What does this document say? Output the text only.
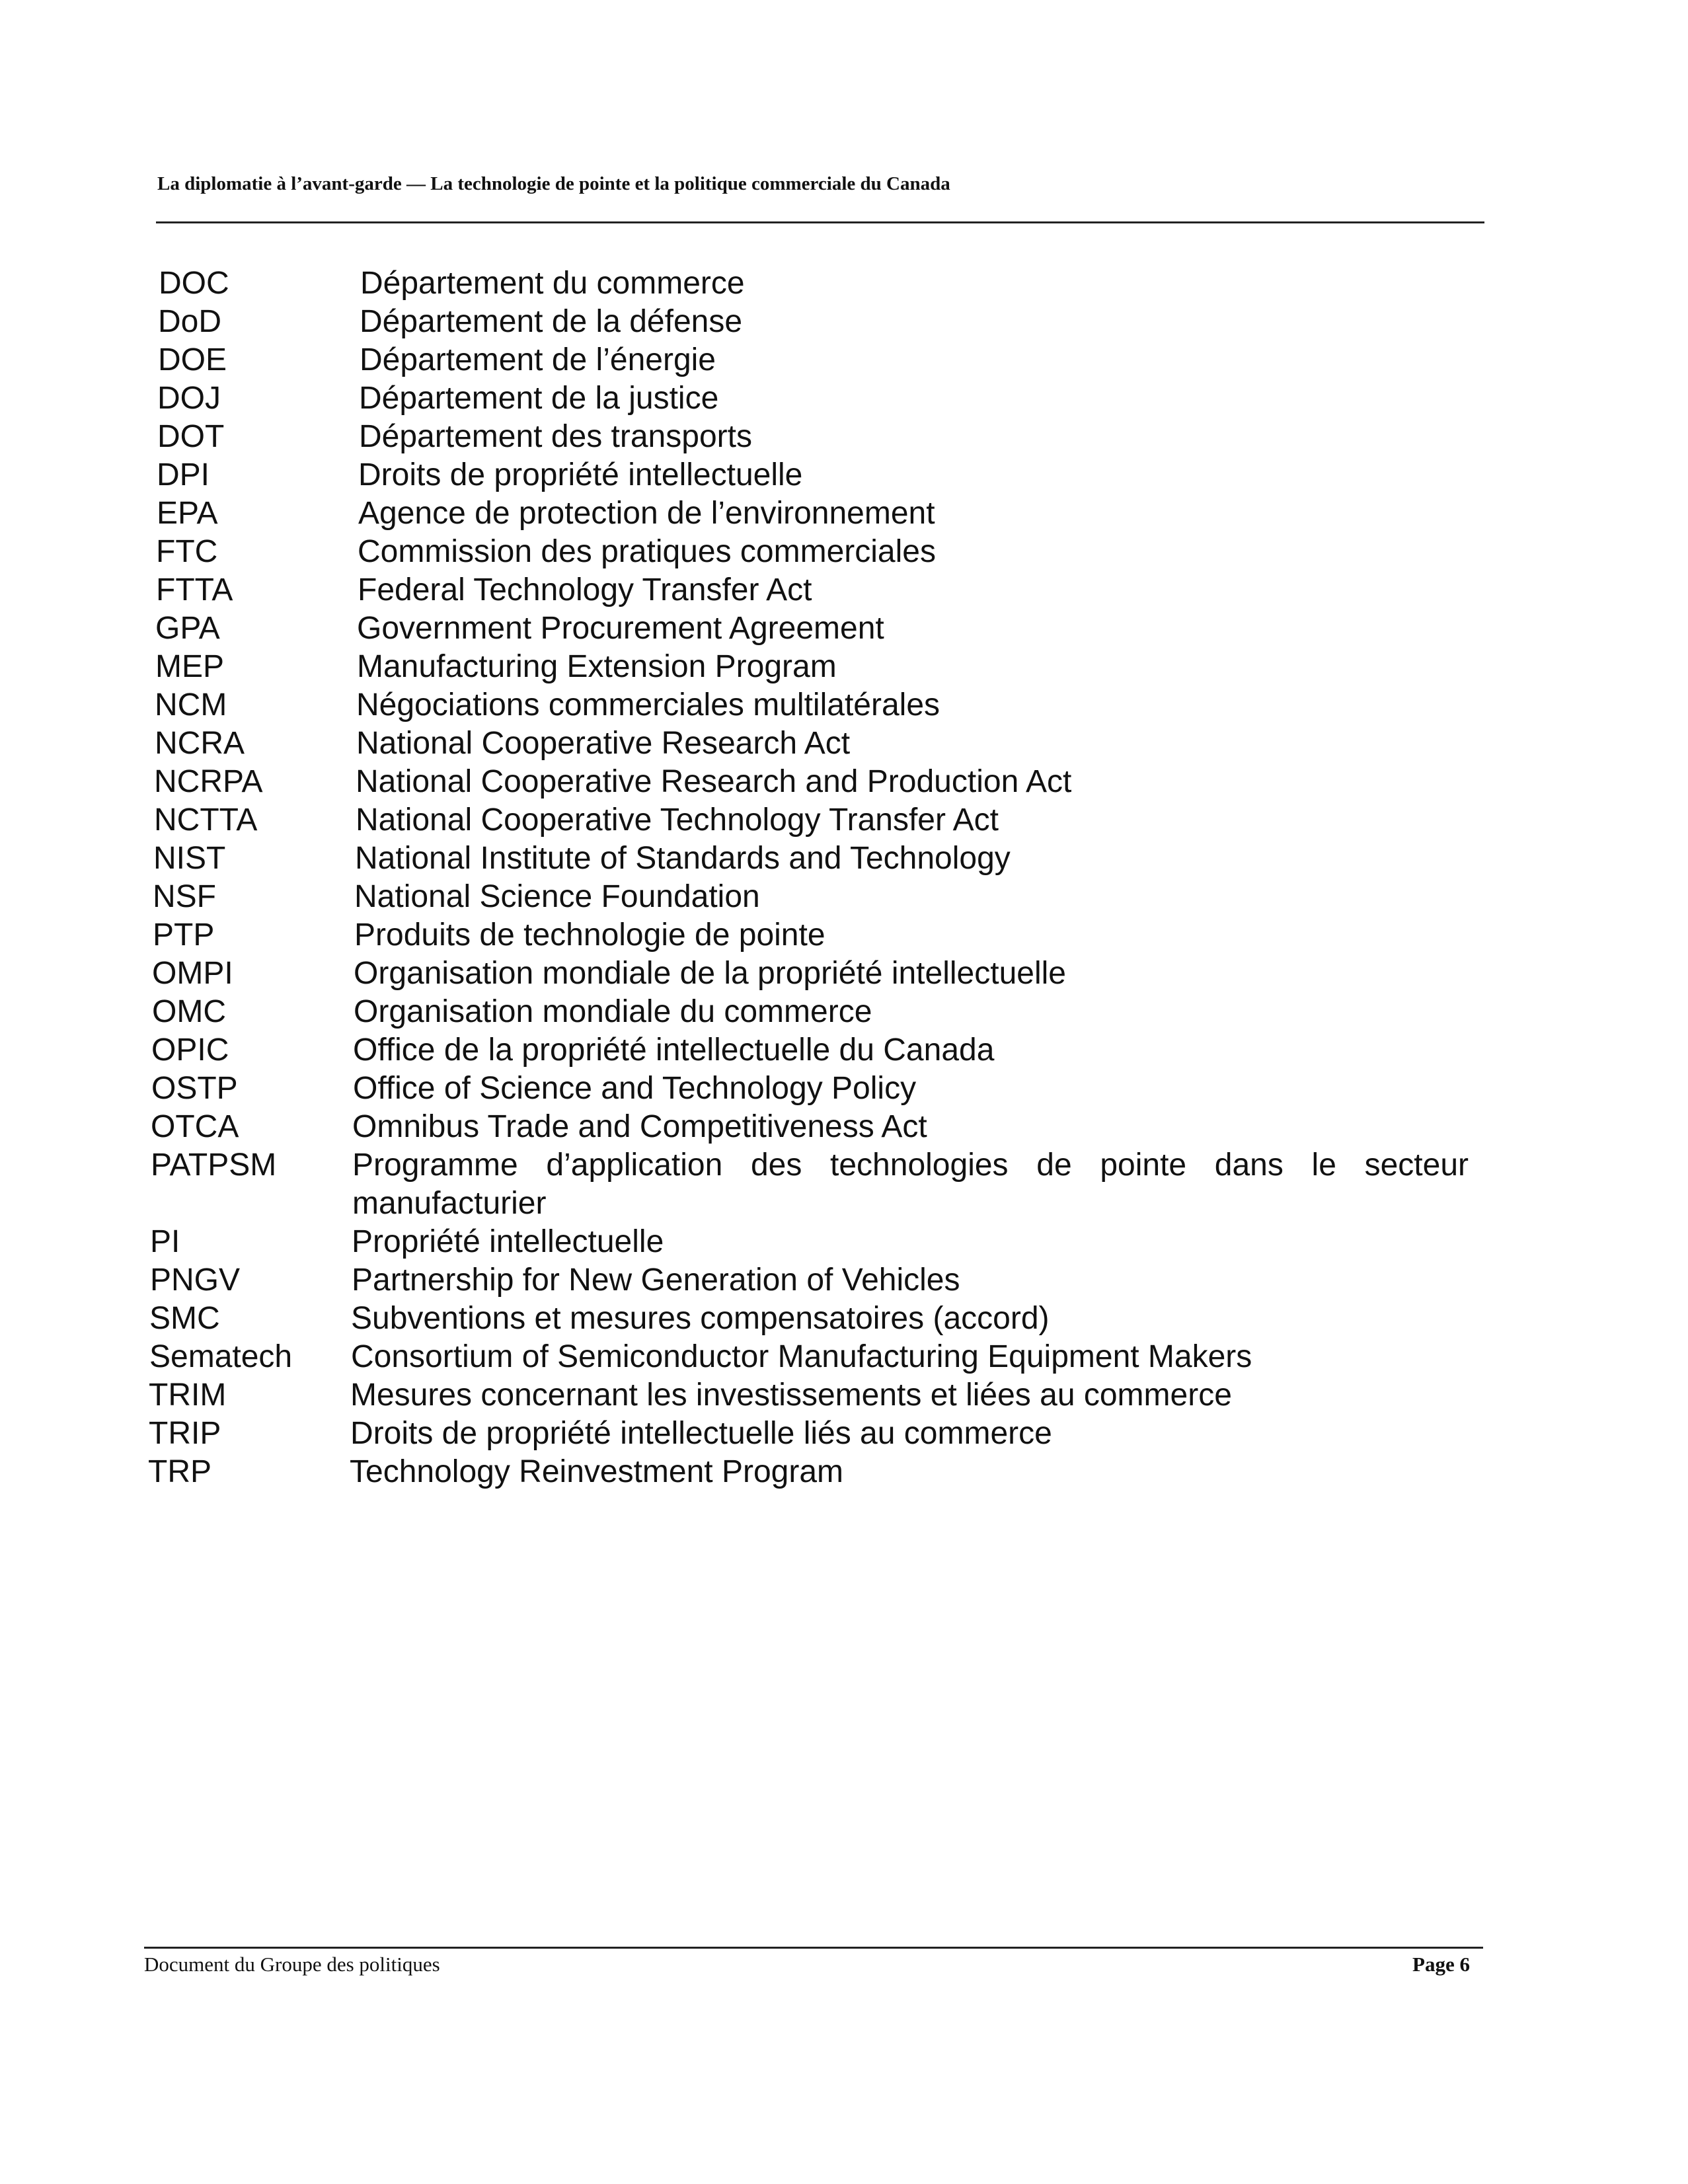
La diplomatie à l’avant-garde — La technologie de pointe et la politique commerciale du Canada
DOC	Département du commerce
DoD	Département de la défense
DOE	Département de l’énergie
DOJ	Département de la justice
DOT	Département des transports
DPI	Droits de propriété intellectuelle
EPA	Agence de protection de l’environnement
FTC	Commission des pratiques commerciales
FTTA	Federal Technology Transfer Act
GPA	Government Procurement Agreement
MEP	Manufacturing Extension Program
NCM	Négociations commerciales multilatérales
NCRA	National Cooperative Research Act
NCRPA	National Cooperative Research and Production Act
NCTTA	National Cooperative Technology Transfer Act
NIST	National Institute of Standards and Technology
NSF	National Science Foundation
PTP	Produits de technologie de pointe
OMPI	Organisation mondiale de la propriété intellectuelle
OMC	Organisation mondiale du commerce
OPIC	Office de la propriété intellectuelle du Canada
OSTP	Office of Science and Technology Policy
OTCA	Omnibus Trade and Competitiveness Act
PATPSM Programme d’application des technologies de pointe dans le secteur manufacturier
PI	Propriété intellectuelle
PNGV	Partnership for New Generation of Vehicles
SMC	Subventions et mesures compensatoires (accord)
Sematech Consortium of Semiconductor Manufacturing Equipment Makers
TRIM	Mesures concernant les investissements et liées au commerce
TRIP	Droits de propriété intellectuelle liés au commerce
TRP	Technology Reinvestment Program
Document du Groupe des politiques	Page 6
